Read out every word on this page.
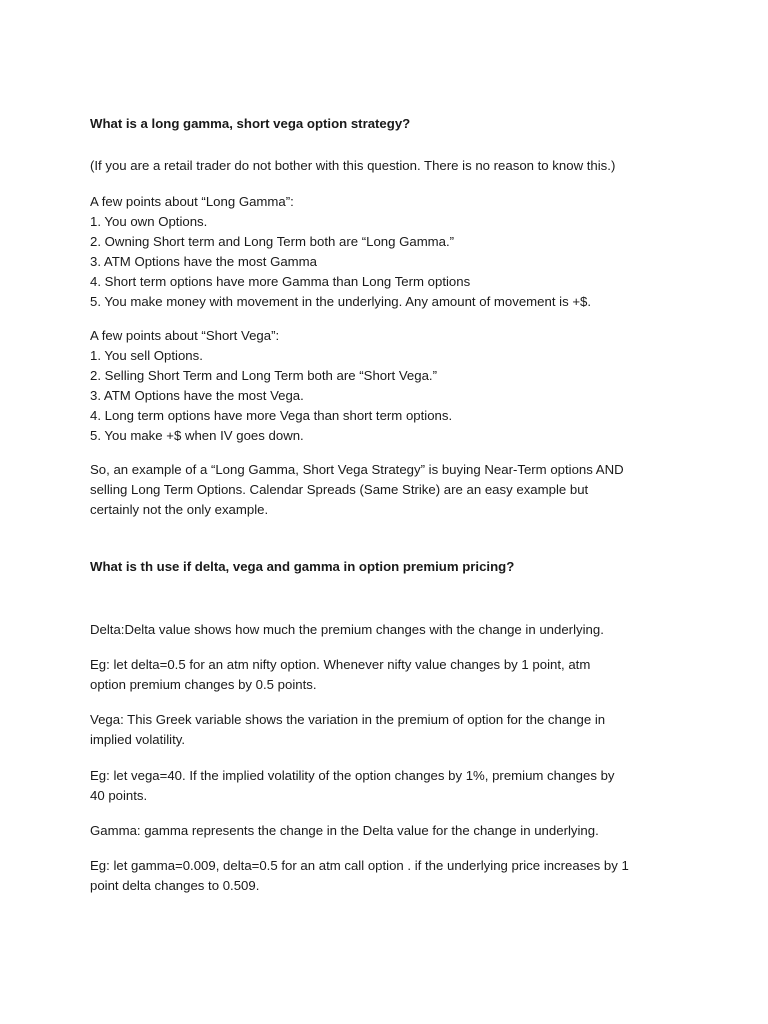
What is a long gamma, short vega option strategy?
(If you are a retail trader do not bother with this question. There is no reason to know this.)
A few points about “Long Gamma”:
1. You own Options.
2. Owning Short term and Long Term both are “Long Gamma.”
3. ATM Options have the most Gamma
4. Short term options have more Gamma than Long Term options
5. You make money with movement in the underlying. Any amount of movement is +$.
A few points about “Short Vega”:
1. You sell Options.
2. Selling Short Term and Long Term both are “Short Vega.”
3. ATM Options have the most Vega.
4. Long term options have more Vega than short term options.
5. You make +$ when IV goes down.
So, an example of a “Long Gamma, Short Vega Strategy” is buying Near-Term options AND
selling Long Term Options. Calendar Spreads (Same Strike) are an easy example but
certainly not the only example.
What is th use if delta, vega and gamma in option premium pricing?
Delta:Delta value shows how much the premium changes with the change in underlying.
Eg: let delta=0.5 for an atm nifty option. Whenever nifty value changes by 1 point, atm
option premium changes by 0.5 points.
Vega: This Greek variable shows the variation in the premium of option for the change in
implied volatility.
Eg: let vega=40. If the implied volatility of the option changes by 1%, premium changes by
40 points.
Gamma: gamma represents the change in the Delta value for the change in underlying.
Eg: let gamma=0.009, delta=0.5 for an atm call option . if the underlying price increases by 1
point delta changes to 0.509.
